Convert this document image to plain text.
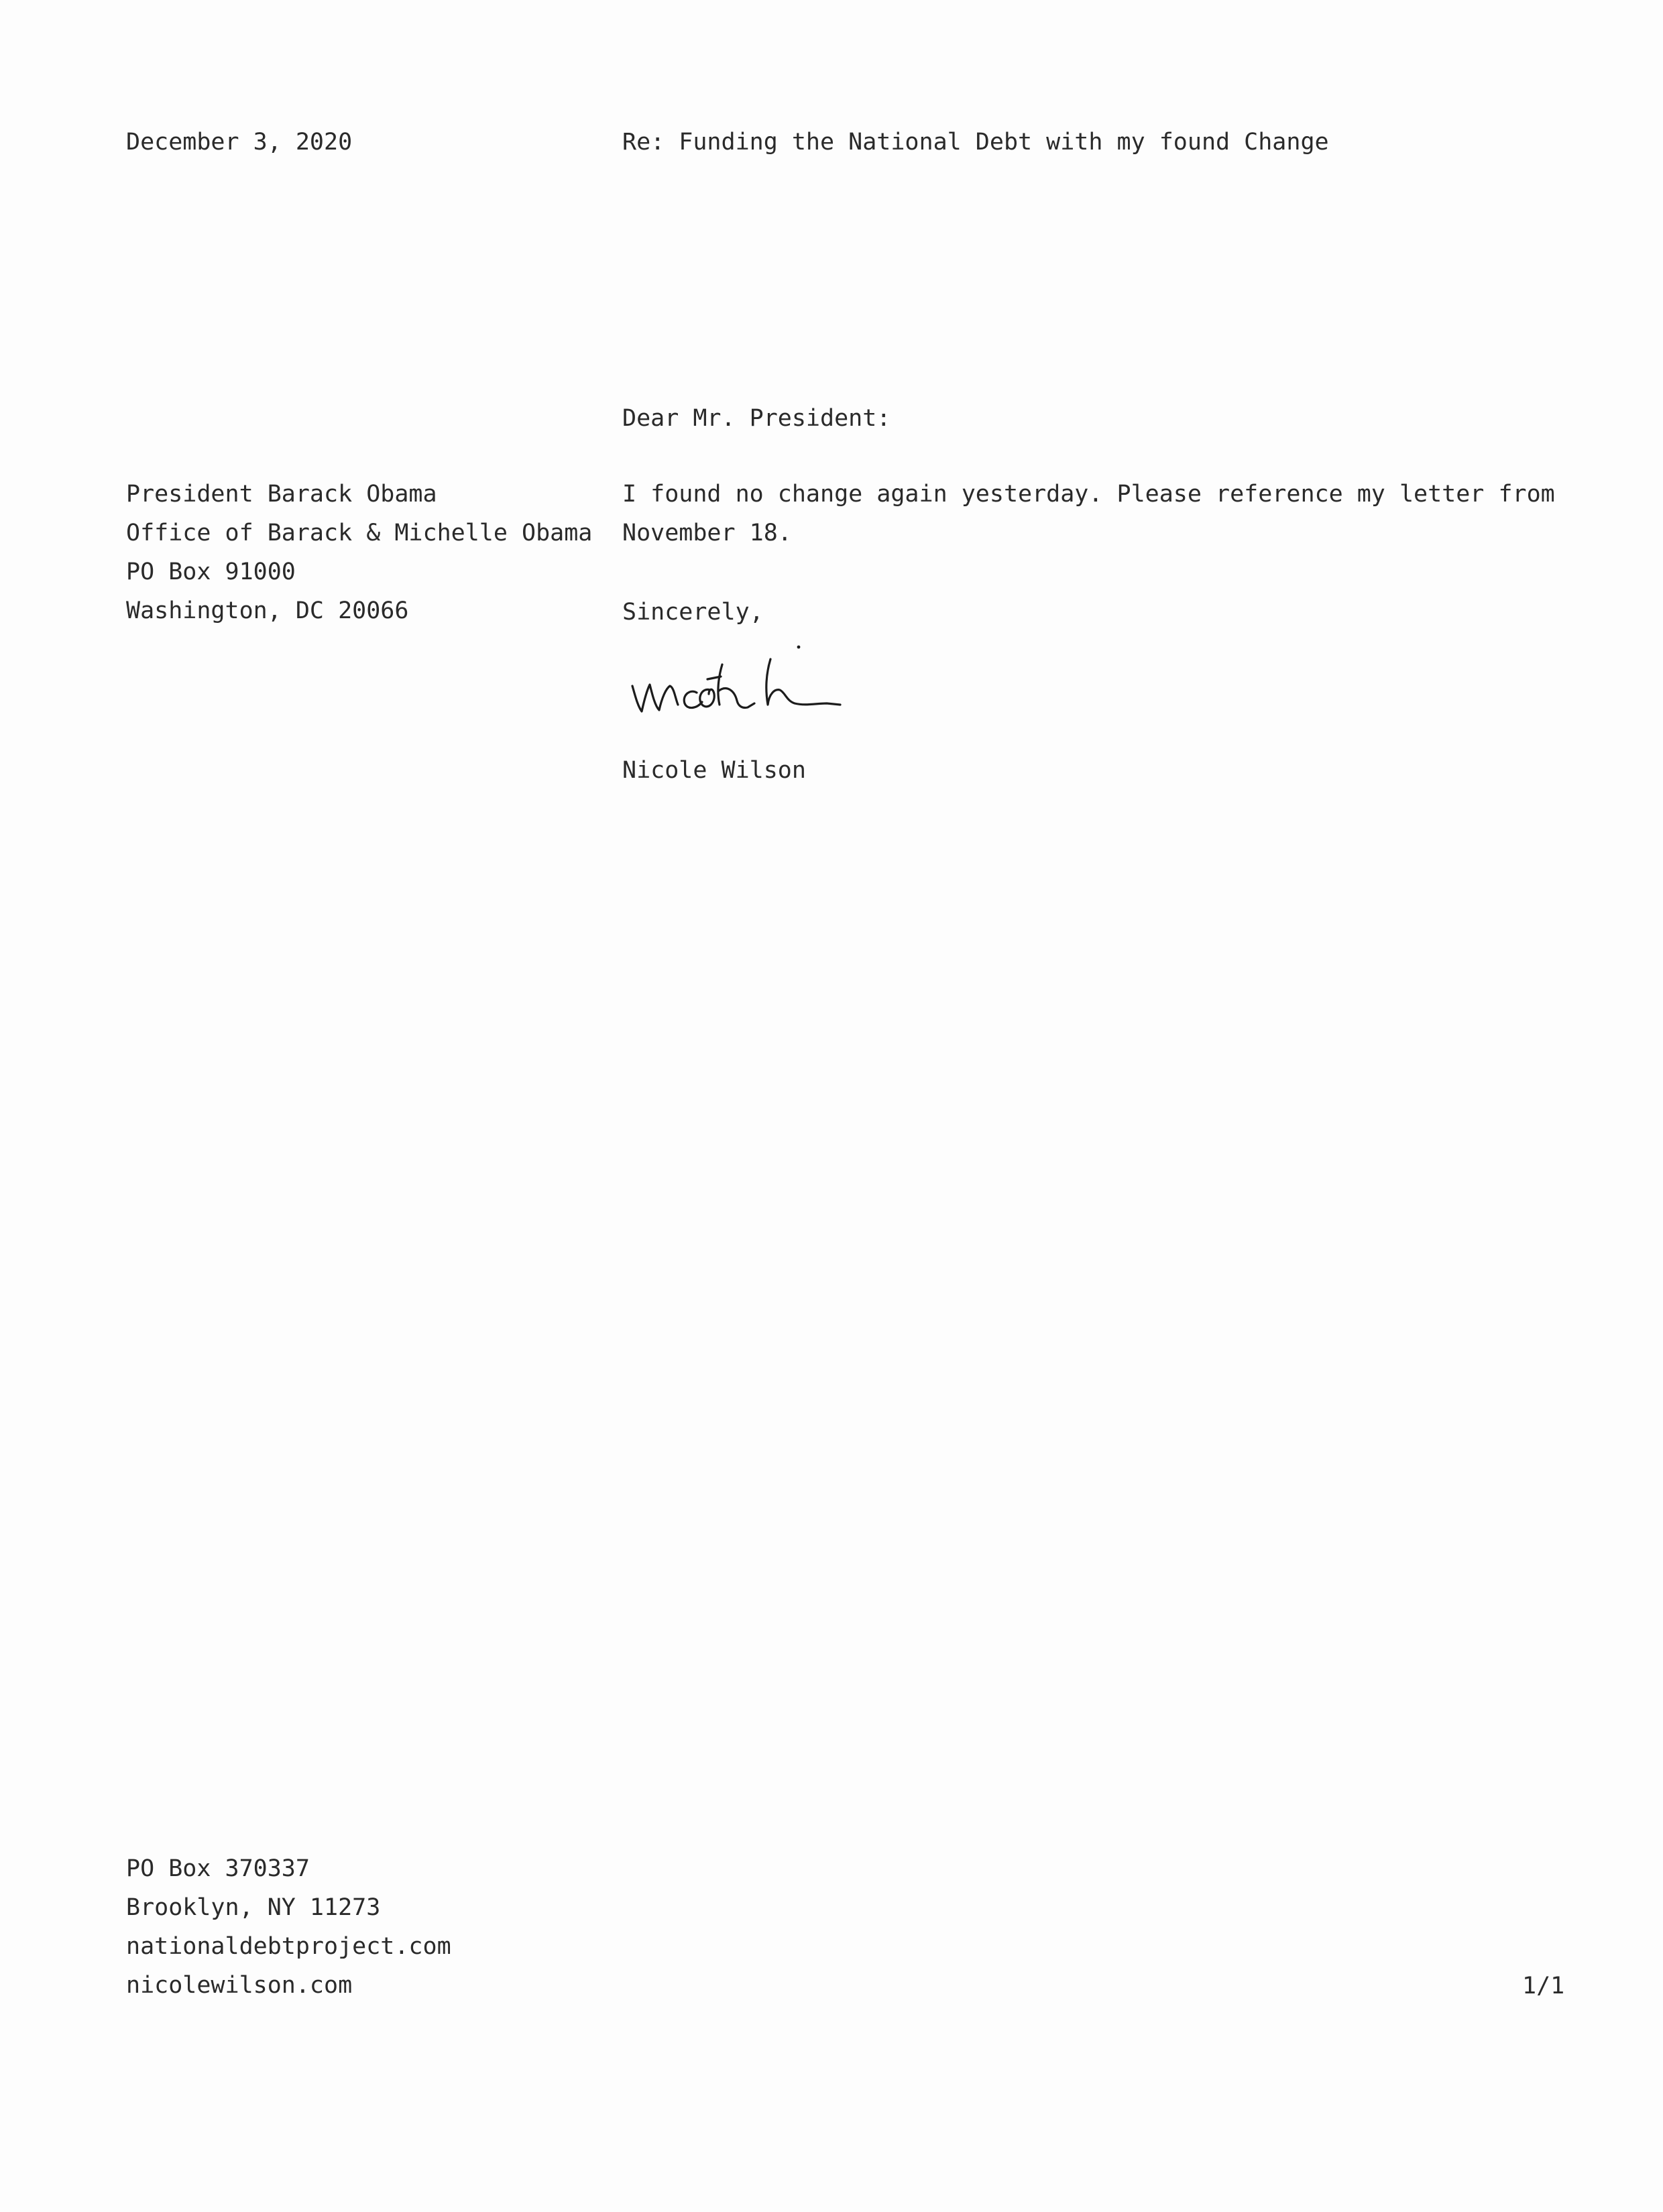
December 3, 2020	Re: Funding the National Debt with my found Change
Dear Mr. President:
President Barack Obama
Office of Barack & Michelle Obama
PO Box 91000
Washington, DC 20066
I found no change again yesterday. Please reference my letter from
November 18.
Sincerely,
Nicole Wilson
PO Box 370337
Brooklyn, NY 11273
nationaldebtproject.com
nicolewilson.com	1/1
